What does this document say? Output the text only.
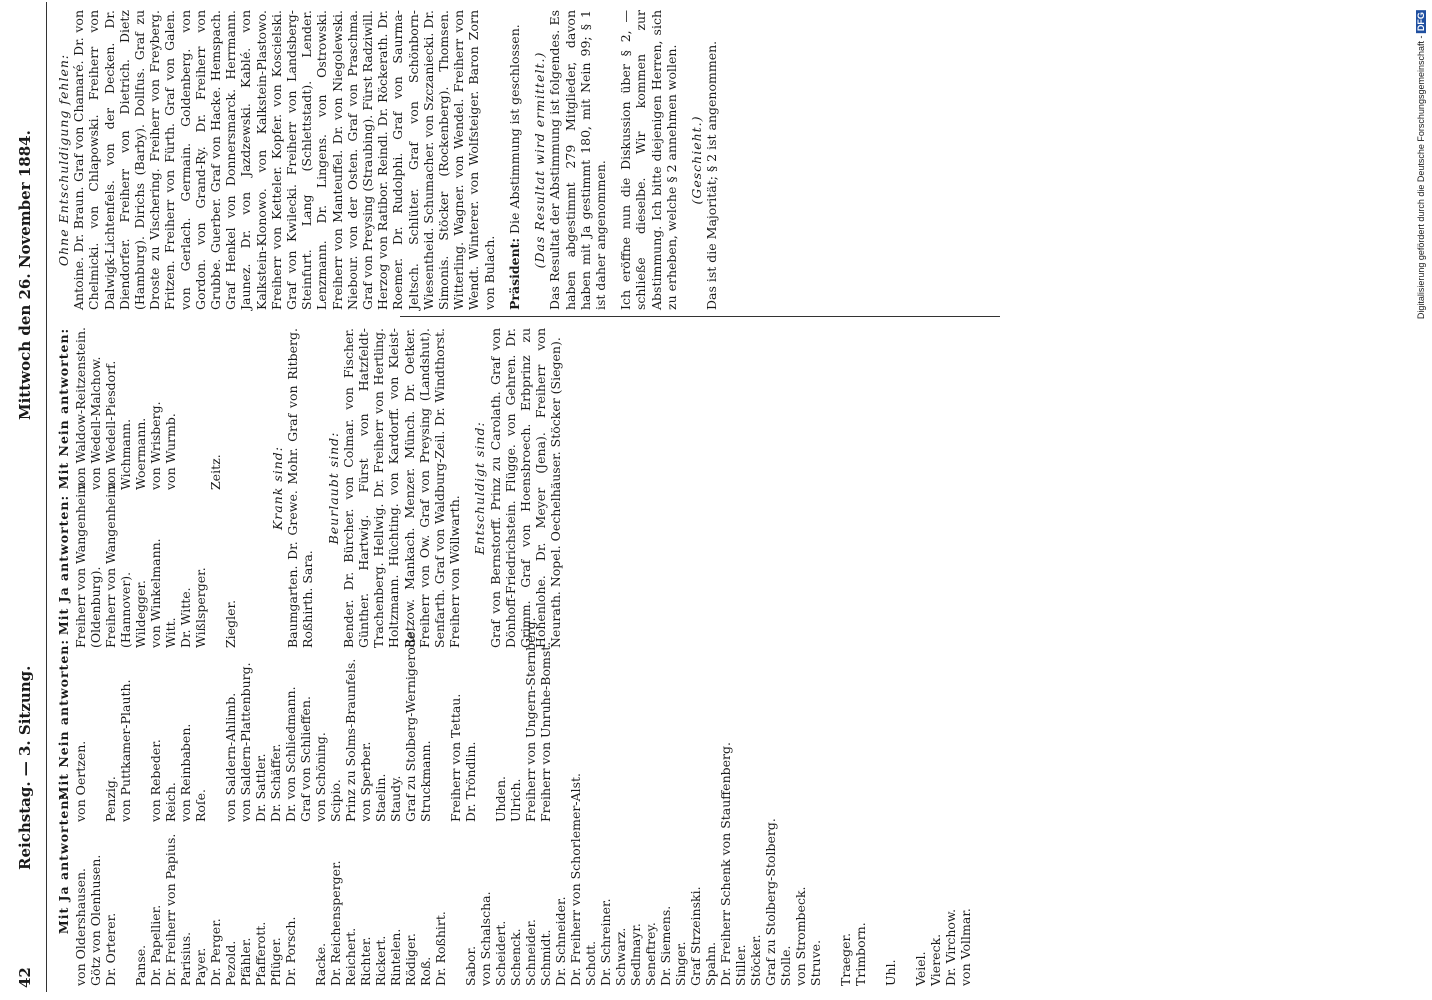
42
Reichstag. — 3. Sitzung.
Mittwoch den 26. November 1884.
Mit Ja antworten: von Oldershausen. Götz von Olenhusen. Dr. Orterer. Panse. Dr. Papellier. Dr. Freiherr von Papius. Parisius. Payer. Dr. Perger. Pezold. Pfähler. Pfafferott. Pflüger. Dr. Porsch. Racke. Dr. Reichensperger. Reichert. Richter. Rickert. Rintelen. Rödiger. Roß. Dr. Roßhirt. Sabor. von Schalscha. Scheidert. Schenck. Schneider. Schmidt. Dr. Schneider. Dr. Freiherr von Schorlemer-Alst. Schott. Dr. Schreiner. Schwarz. Sedlmayr. Seneftrey. Dr. Siemens. Singer. Graf Strzeinski. Spahn. Dr. Freiherr Schenk von Stauffenberg. Stiller. Stöcker. Graf zu Stolberg-Stolberg. Stolle. von Strombeck. Struve. Traeger. Trimborn. Uhl. Veiel. Viereck. Dr. Virchow. von Vollmar.
Mit Nein antworten: von Oertzen. Penzig. von Puttkamer-Plauth. von Rebeder. Reich. von Reinbaben. Roſe. von Saldern-Ahlimb. von Saldern-Plattenburg. Dr. Sattler. Dr. Schäffer. Dr. von Schliedmann. Graf von Schlieffen. von Schöning. Scipio. Prinz zu Solms-Braunfels. von Sperber. Staelin. Staudy. Graf zu Stolberg-Wernigerode. Struckmann. Freiherr von Tettau. Dr. Tröndlin. Uhden. Ulrich. Freiherr von Ungern-Sternberg. Freiherr von Unruhe-Bomst.
Mit Ja antworten: Freiherr von Wangenheim (Oldenburg). Freiherr von Wangenheim (Hannover). Wildegger. von Winkelmann. Witt. Dr. Witte. Wißlsperger.
Ziegler.
Mit Nein antworten: von Waldow-Reitzenstein. von Wedell-Malchow. von Wedell-Piesdorf. Wichmann. Woermann. von Wrisberg. von Wurmb.

Zeitz.	Krank sind: Baumgarten. Dr. Grewe. Mohr. Graf von Ritberg. Roßhirth. Sara.

Beurlaubt sind: Bender. Dr. Bürcher. von Colmar. von Fischer. Günther. Hartwig. Fürst von Hatzfeldt-Trachenberg. Hellwig. Dr. Freiherr von Hertling. Holtzmann. Hüchting. von Kardorff. von Kleist-Retzow. Mankach. Menzer. Münch. Dr. Oetker. Freiherr von Ow. Graf von Preysing (Landshut). Senfarth. Graf von Waldburg-Zeil. Dr. Windthorst. Freiherr von Wöllwarth.

Entschuldigt sind: Graf von Bernstorff. Prinz zu Carolath. Graf von Dönhoff-Friedrichstein. Flügge. von Gehren. Dr. Grimm. Graf von Hoensbroech. Erbprinz zu Hohenlohe. Dr. Meyer (Jena). Freiherr von Neurath. Nopel. Oechelhäuser. Stöcker (Siegen).

Ohne Entschuldigung fehlen: Antoine. Dr. Braun. Graf von Chamaré. Dr. von Chelmicki. von Chlapowski. Freiherr von Dalwigk-Lichtenfels. von der Decken. Dr. Diendorfer. Freiherr von Dietrich. Dietz (Hamburg). Dirichs (Barby). Dollfus. Graf zu Droste zu Vischering. Freiherr von Freyberg. Fritzen. Freiherr von Fürth. Graf von Galen. von Gerlach. Germain. Goldenberg. von Gordon. von Grand-Ry. Dr. Freiherr von Grubbe. Guerber. Graf von Hacke. Hemspach. Graf Henkel von Donnersmarck. Herrmann. Jaunez. Dr. von Jazdzewski. Kablé. von Kalkstein-Klonowo. von Kalkstein-Plastowo. Freiherr von Ketteler. Kopfer. von Koscielski. Graf von Kwilecki. Freiherr von Landsberg-Steinfurt. Lang (Schlettstadt). Lender. Lenzmann. Dr. Lingens. von Ostrowski. Freiherr von Manteuffel. Dr. von Niegolewski. Niebour. von der Osten. Graf von Praschma. Graf von Preysing (Straubing). Fürst Radziwill. Herzog von Ratibor. Reindl. Dr. Röckerath. Dr. Roemer. Dr. Rudolphi. Graf von Saurma-Jeltsch. Schlüter. Graf von Schönborn-Wiesentheid. Schumacher. von Szczaniecki. Dr. Simonis. Stöcker (Rockenberg). Thomsen. Witterling. Wagner. von Wendel. Freiherr von Wendt. Winterer. von Wolfsteiger. Baron Zorn von Bulach. Präsident: Die Abstimmung ist geschlossen. (Das Resultat wird ermittelt.) Das Resultat der Abstimmung ist folgendes. Es haben abgestimmt 279 Mitglieder, davon haben mit Ja gestimmt 180, mit Nein 99; § 1 ist daher angenommen. Ich eröffne nun die Diskussion über § 2, — schließe dieselbe. Wir kommen zur Abstimmung. Ich bitte diejenigen Herren, sich zu erheben, welche § 2 annehmen wollen. (Geschieht.) Das ist die Majorität; § 2 ist angenommen.	Digitalisierung gefördert durch die Deutsche Forschungsgemeinschaft - DFG
